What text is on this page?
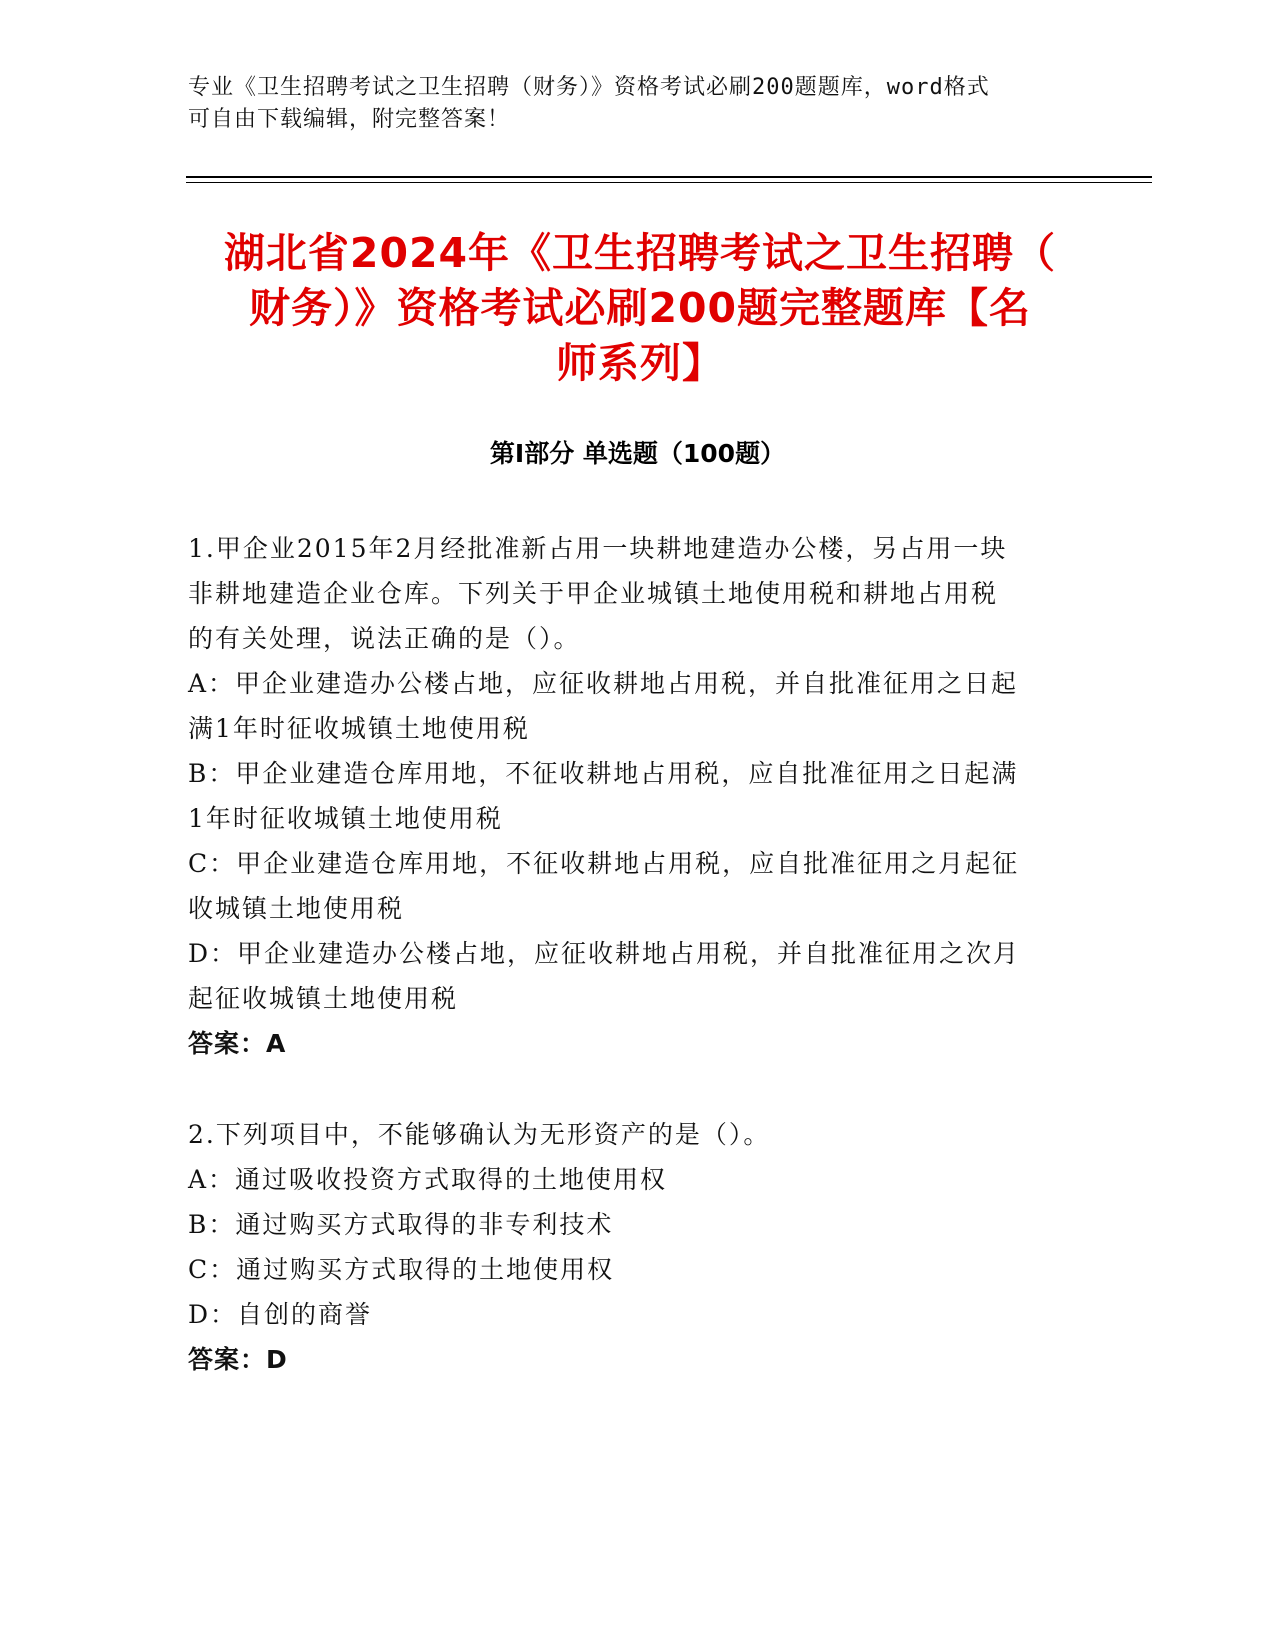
专业《卫生招聘考试之卫生招聘（财务）》资格考试必刷200题题库，word格式
可自由下载编辑，附完整答案！
湖北省2024年《卫生招聘考试之卫生招聘（
财务）》资格考试必刷200题完整题库【名
师系列】
第Ⅰ部分 单选题（100题）
1.甲企业2015年2月经批准新占用一块耕地建造办公楼，另占用一块
非耕地建造企业仓库。下列关于甲企业城镇土地使用税和耕地占用税
的有关处理，说法正确的是（）。
A：甲企业建造办公楼占地，应征收耕地占用税，并自批准征用之日起
满1年时征收城镇土地使用税
B：甲企业建造仓库用地，不征收耕地占用税，应自批准征用之日起满
1年时征收城镇土地使用税
C：甲企业建造仓库用地，不征收耕地占用税，应自批准征用之月起征
收城镇土地使用税
D：甲企业建造办公楼占地，应征收耕地占用税，并自批准征用之次月
起征收城镇土地使用税
答案：A
2.下列项目中，不能够确认为无形资产的是（）。
A：通过吸收投资方式取得的土地使用权
B：通过购买方式取得的非专利技术
C：通过购买方式取得的土地使用权
D：自创的商誉
答案：D
